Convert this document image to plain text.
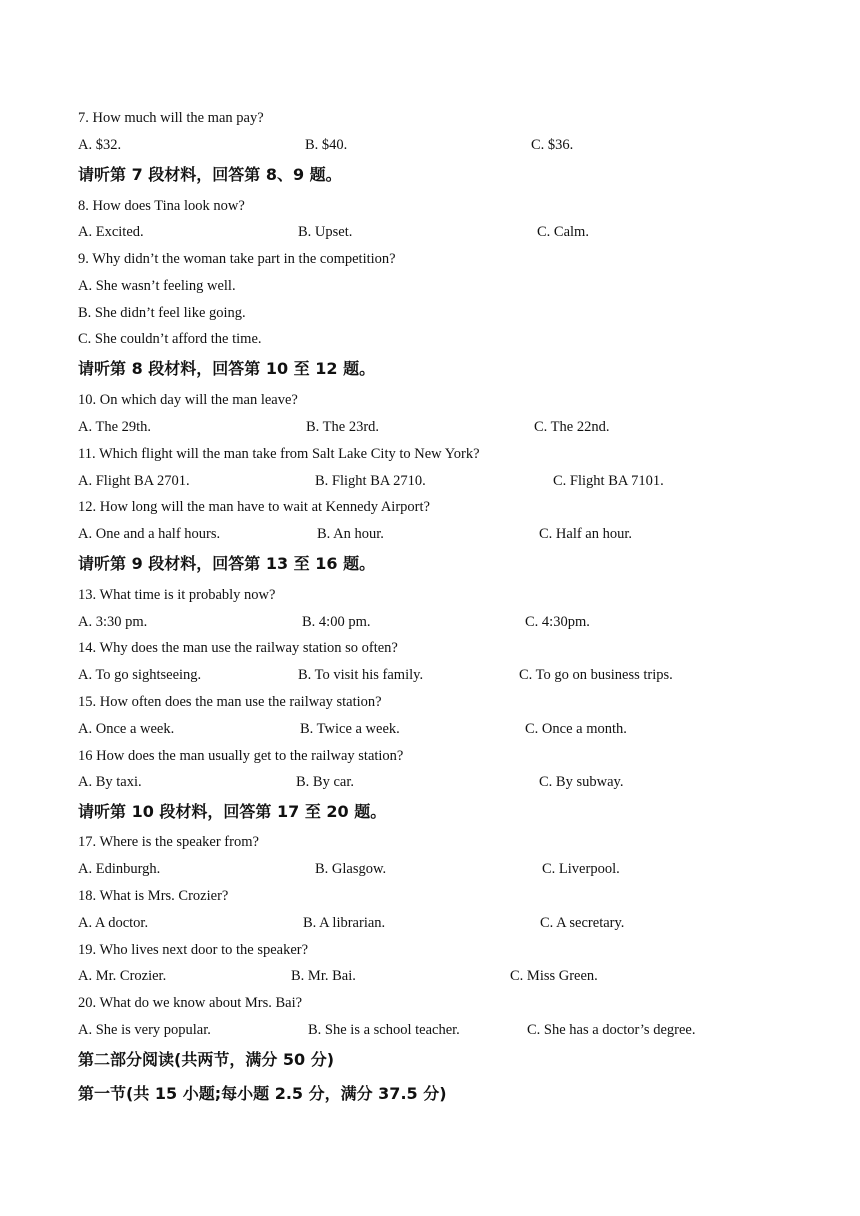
7. How much will the man pay?
A. $32.	B. $40.	C. $36.
请听第 7 段材料，回答第 8、9 题。
8. How does Tina look now?
A. Excited.	B. Upset.	C. Calm.
9. Why didn’t the woman take part in the competition?
A. She wasn’t feeling well.
B. She didn’t feel like going.
C. She couldn’t afford the time.
请听第 8 段材料，回答第 10 至 12 题。
10. On which day will the man leave?
A. The 29th.	B. The 23rd.	C. The 22nd.
11. Which flight will the man take from Salt Lake City to New York?
A. Flight BA 2701.	B. Flight BA 2710.	C. Flight BA 7101.
12. How long will the man have to wait at Kennedy Airport?
A. One and a half hours.	B. An hour.	C. Half an hour.
请听第 9 段材料，回答第 13 至 16 题。
13. What time is it probably now?
A. 3:30 pm.	B. 4:00 pm.	C. 4:30pm.
14. Why does the man use the railway station so often?
A. To go sightseeing.	B. To visit his family.	C. To go on business trips.
15. How often does the man use the railway station?
A. Once a week.	B. Twice a week.	C. Once a month.
16 How does the man usually get to the railway station?
A. By taxi.	B. By car.	C. By subway.
请听第 10 段材料，回答第 17 至 20 题。
17. Where is the speaker from?
A. Edinburgh.	B. Glasgow.	C. Liverpool.
18. What is Mrs. Crozier?
A. A doctor.	B. A librarian.	C. A secretary.
19. Who lives next door to the speaker?
A. Mr. Crozier.	B. Mr. Bai.	C. Miss Green.
20. What do we know about Mrs. Bai?
A. She is very popular.	B. She is a school teacher.	C. She has a doctor’s degree.
第二部分阅读(共两节，满分 50 分)
第一节(共 15 小题;每小题 2.5 分，满分 37.5 分)
